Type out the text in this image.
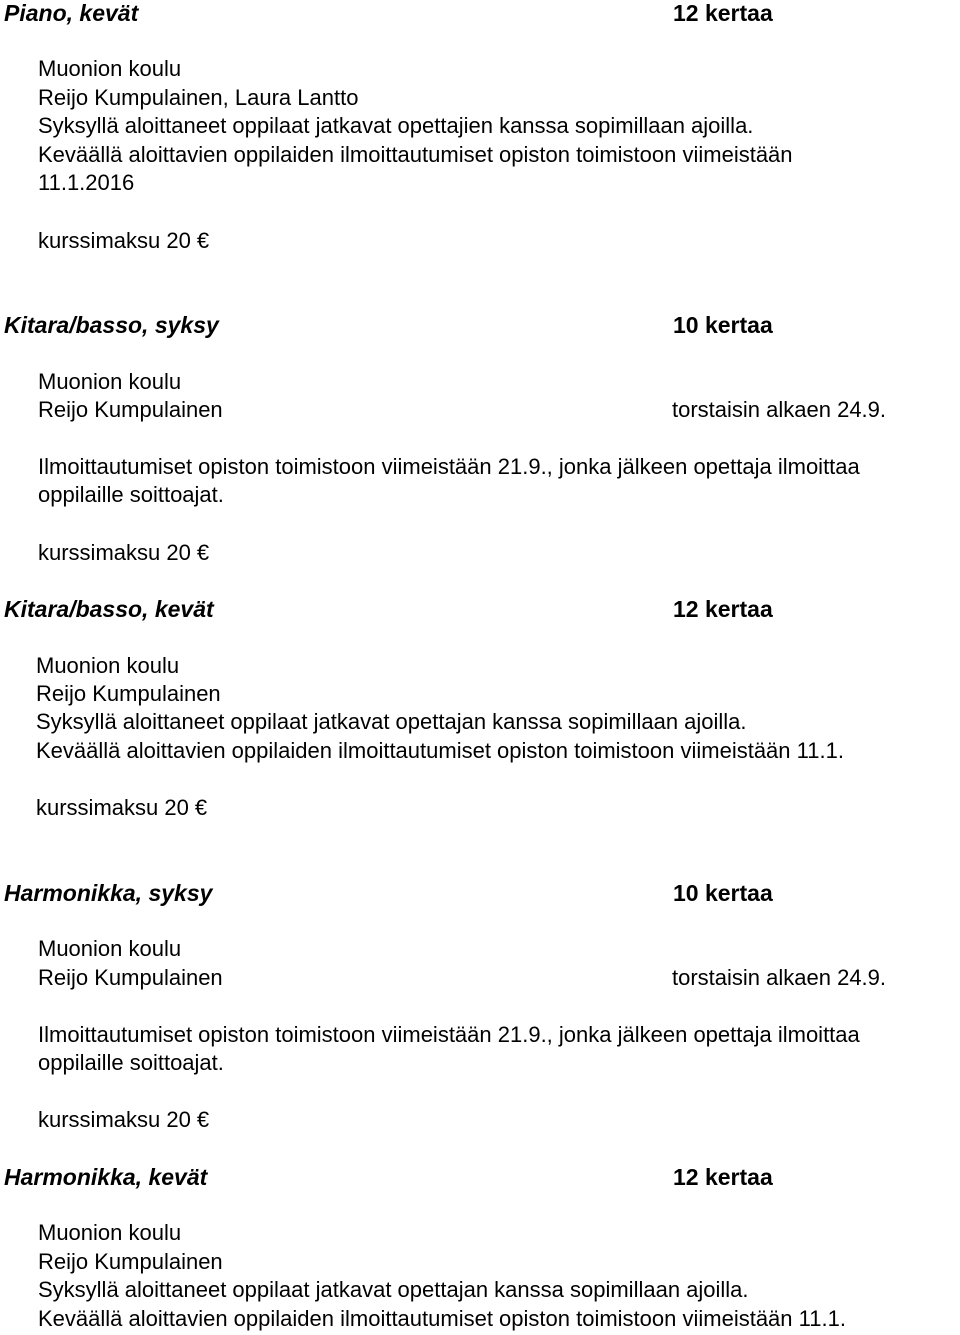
Piano, kevät	12 kertaa
Muonion koulu
Reijo Kumpulainen, Laura Lantto
Syksyllä aloittaneet oppilaat jatkavat opettajien kanssa sopimillaan ajoilla.
Keväällä aloittavien oppilaiden ilmoittautumiset opiston toimistoon viimeistään
11.1.2016
kurssimaksu 20 €
Kitara/basso, syksy	10 kertaa
Muonion koulu
Reijo Kumpulainen	torstaisin alkaen 24.9.
Ilmoittautumiset opiston toimistoon viimeistään 21.9., jonka jälkeen opettaja ilmoittaa
oppilaille soittoajat.
kurssimaksu 20 €
Kitara/basso, kevät	12 kertaa
Muonion koulu
Reijo Kumpulainen
Syksyllä aloittaneet oppilaat jatkavat opettajan kanssa sopimillaan ajoilla.
Keväällä aloittavien oppilaiden ilmoittautumiset opiston toimistoon viimeistään 11.1.
kurssimaksu 20 €
Harmonikka, syksy	10 kertaa
Muonion koulu
Reijo Kumpulainen	torstaisin alkaen 24.9.
Ilmoittautumiset opiston toimistoon viimeistään 21.9., jonka jälkeen opettaja ilmoittaa
oppilaille soittoajat.
kurssimaksu 20 €
Harmonikka, kevät	12 kertaa
Muonion koulu
Reijo Kumpulainen
Syksyllä aloittaneet oppilaat jatkavat opettajan kanssa sopimillaan ajoilla.
Keväällä aloittavien oppilaiden ilmoittautumiset opiston toimistoon viimeistään 11.1.
